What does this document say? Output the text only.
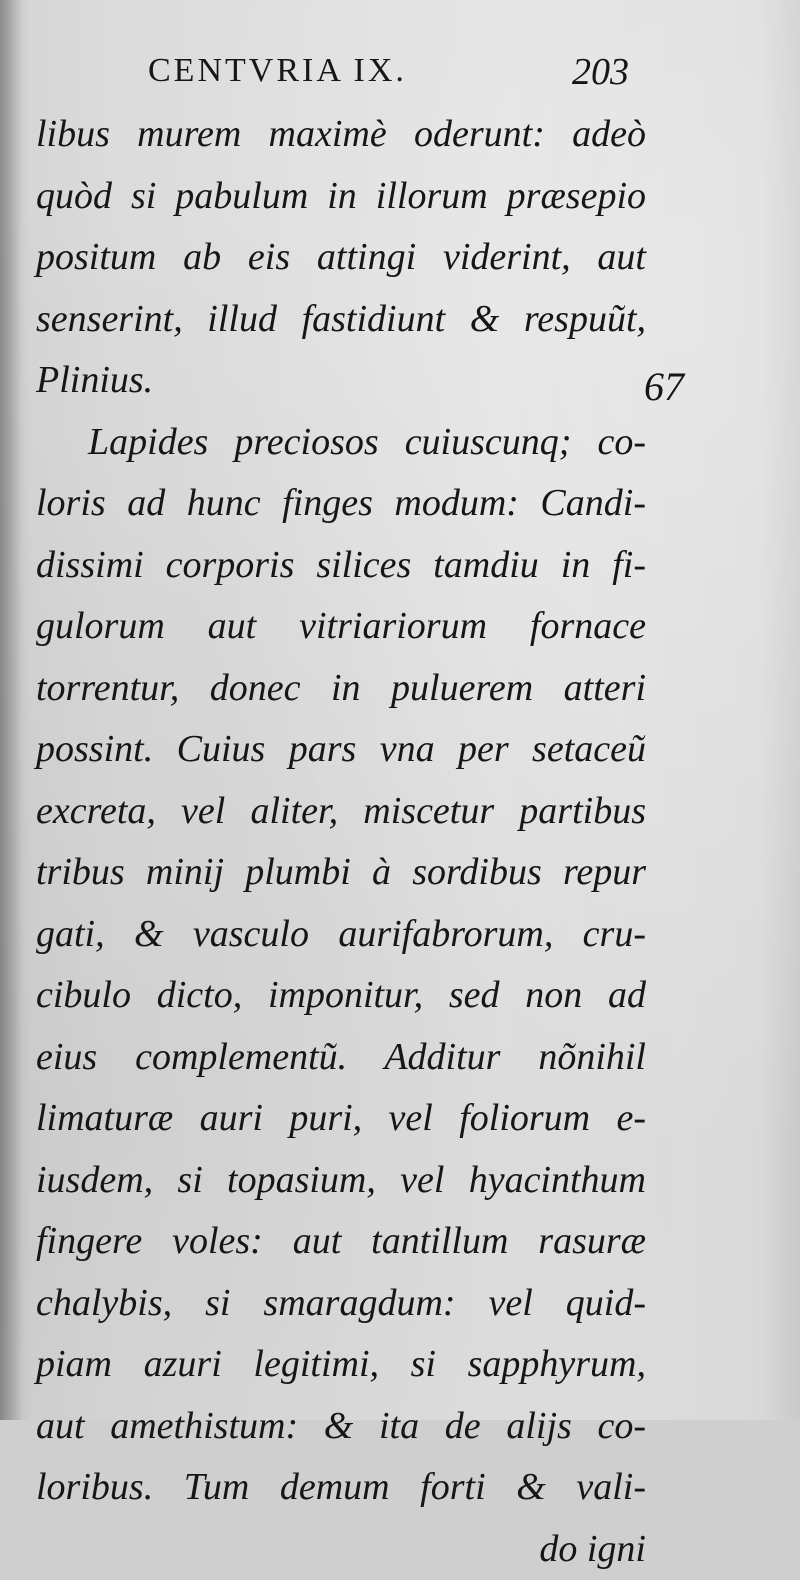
CENTVRIA IX.	203
67
libus murem maximè oderunt: adeò
quòd si pabulum in illorum præsepio
positum ab eis attingi viderint, aut
senserint, illud fastidiunt & respuũt,
Plinius.
Lapides preciosos cuiuscunq; co-
loris ad hunc finges modum: Candi-
dissimi corporis silices tamdiu in fi-
gulorum aut vitriariorum fornace
torrentur, donec in puluerem atteri
possint. Cuius pars vna per setaceũ
excreta, vel aliter, miscetur partibus
tribus minij plumbi à sordibus repur
gati, & vasculo aurifabrorum, cru-
cibulo dicto, imponitur, sed non ad
eius complementũ. Additur nõnihil
limaturæ auri puri, vel foliorum e-
iusdem, si topasium, vel hyacinthum
fingere voles: aut tantillum rasuræ
chalybis, si smaragdum: vel quid-
piam azuri legitimi, si sapphyrum,
aut amethistum: & ita de alijs co-
loribus. Tum demum forti & vali-
do igni
